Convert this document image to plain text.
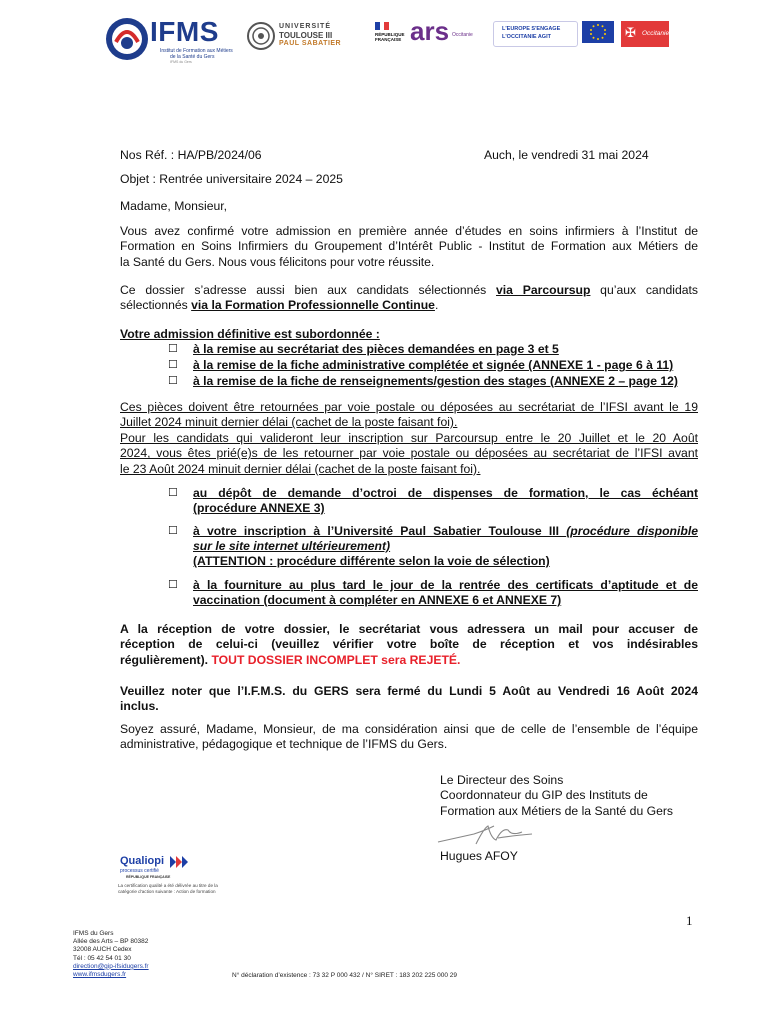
IFMS
Institut de Formation aux Métiers
de la Santé du Gers
IFMS du Gers
UNIVERSITÉ
TOULOUSE III
PAUL SABATIER
RÉPUBLIQUE
FRANÇAISE ars Occitanie
L'EUROPE S'ENGAGE
L'OCCITANIE AGIT	✠ Occitanie
Nos Réf. : HA/PB/2024/06	Auch, le vendredi 31 mai 2024
Objet : Rentrée universitaire 2024 – 2025
Madame, Monsieur,
Vous avez confirmé votre admission en première année d’études en soins infirmiers à l’Institut de
Formation en Soins Infirmiers du Groupement d’Intérêt Public - Institut de Formation aux Métiers de
la Santé du Gers. Nous vous félicitons pour votre réussite.
Ce dossier s’adresse aussi bien aux candidats sélectionnés via Parcoursup qu’aux candidats
sélectionnés via la Formation Professionnelle Continue.
Votre admission définitive est subordonnée :
☐ à la remise au secrétariat des pièces demandées en page 3 et 5
☐ à la remise de la fiche administrative complétée et signée (ANNEXE 1 - page 6 à 11)
☐ à la remise de la fiche de renseignements/gestion des stages (ANNEXE 2 – page 12)
Ces pièces doivent être retournées par voie postale ou déposées au secrétariat de l’IFSI avant le 19
Juillet 2024 minuit dernier délai (cachet de la poste faisant foi).
Pour les candidats qui valideront leur inscription sur Parcoursup entre le 20 Juillet et le 20 Août
2024, vous êtes prié(e)s de les retourner par voie postale ou déposées au secrétariat de l’IFSI avant
le 23 Août 2024 minuit dernier délai (cachet de la poste faisant foi).
☐ au dépôt de demande d’octroi de dispenses de formation, le cas échéant
(procédure ANNEXE 3)
☐ à votre inscription à l’Université Paul Sabatier Toulouse III (procédure disponible
sur le site internet ultérieurement)
(ATTENTION : procédure différente selon la voie de sélection)
☐ à la fourniture au plus tard le jour de la rentrée des certificats d’aptitude et de
vaccination (document à compléter en ANNEXE 6 et ANNEXE 7)
A la réception de votre dossier, le secrétariat vous adressera un mail pour accuser de
réception de celui-ci (veuillez vérifier votre boîte de réception et vos indésirables
régulièrement). TOUT DOSSIER INCOMPLET sera REJETÉ.
Veuillez noter que l’I.F.M.S. du GERS sera fermé du Lundi 5 Août au Vendredi 16 Août 2024
inclus.
Soyez assuré, Madame, Monsieur, de ma considération ainsi que de celle de l’ensemble de l’équipe
administrative, pédagogique et technique de l’IFMS du Gers.
Le Directeur des Soins
Coordonnateur du GIP des Instituts de
Formation aux Métiers de la Santé du Gers
Hugues AFOY
Qualiopi
processus certifié
RÉPUBLIQUE FRANÇAISE
La certification qualité a été délivrée au titre de la
catégorie d’action suivante : Action de formation
1
IFMS du Gers
Allée des Arts – BP 80382
32008 AUCH Cedex
Tél : 05 42 54 01 30
direction@gip-ifsidugers.fr
www.ifmsdugers.fr	N° déclaration d’existence : 73 32 P 000 432 / N° SIRET : 183 202 225 000 29
